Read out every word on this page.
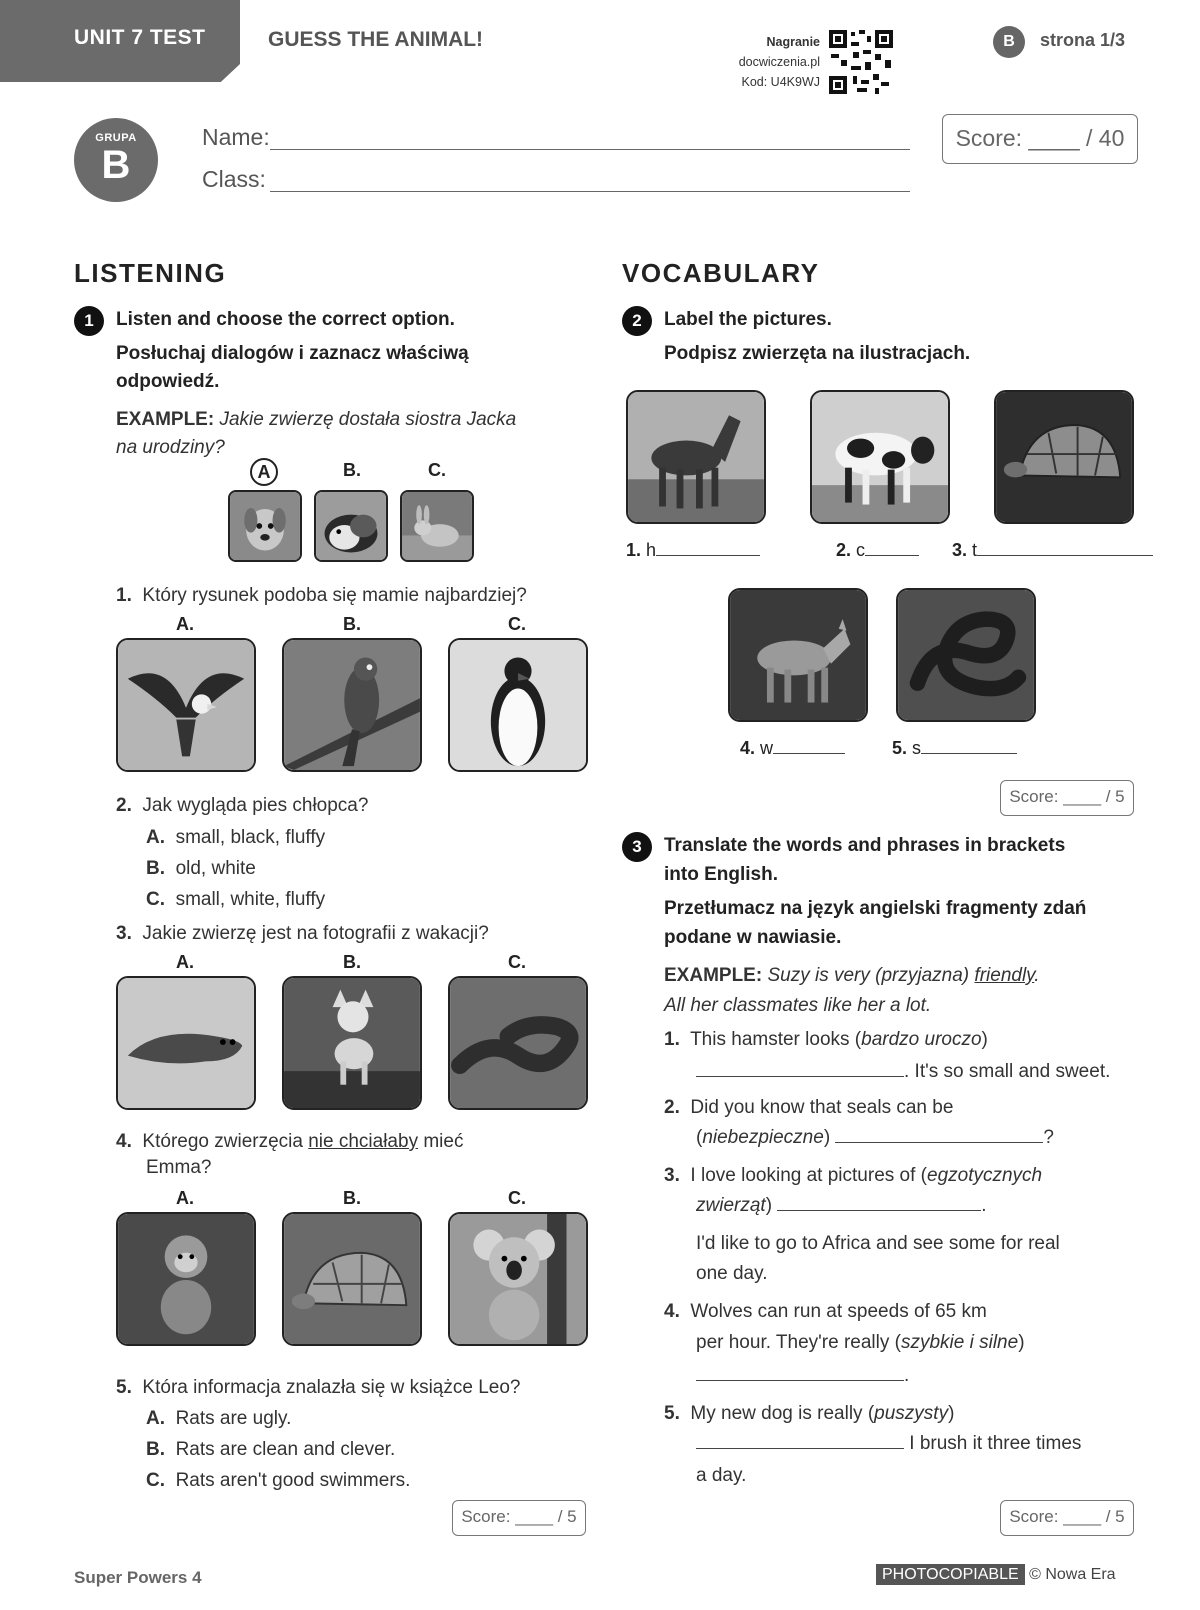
UNIT 7 TEST	GUESS THE ANIMAL!	Nagranie
docwiczenia.pl
Kod: U4K9WJ
B	strona 1/3
GRUPA
B
Name:
Class:
Score: ____ / 40
LISTENING
1	Listen and choose the correct option.
Posłuchaj dialogów i zaznacz właściwą
odpowiedź.
EXAMPLE: Jakie zwierzę dostała siostra Jacka
na urodziny?
A	B.	C.
1. Który rysunek podoba się mamie najbardziej?
A.	B.	C.
2. Jak wygląda pies chłopca?
A. small, black, fluffy
B. old, white
C. small, white, fluffy
3. Jakie zwierzę jest na fotografii z wakacji?
A.	B.	C.
4. Którego zwierzęcia nie chciałaby mieć
Emma?
A.	B.	C.
5. Która informacja znalazła się w książce Leo?
A. Rats are ugly.
B. Rats are clean and clever.
C. Rats aren't good swimmers.
Score: ____ / 5
VOCABULARY
2	Label the pictures.
Podpisz zwierzęta na ilustracjach.
1. h	2. c	3. t
4. w	5. s
Score: ____ / 5
3	Translate the words and phrases in brackets
into English.
Przetłumacz na język angielski fragmenty zdań
podane w nawiasie.
EXAMPLE: Suzy is very (przyjazna) friendly.
All her classmates like her a lot.
1. This hamster looks (bardzo uroczo)
. It's so small and sweet.
2. Did you know that seals can be
(niebezpieczne)	?
3. I love looking at pictures of (egzotycznych
zwierząt)	.
I'd like to go to Africa and see some for real
one day.
4. Wolves can run at speeds of 65 km
per hour. They're really (szybkie i silne)
.
5. My new dog is really (puszysty)
I brush it three times
a day.
Score: ____ / 5
Super Powers 4	PHOTOCOPIABLE © Nowa Era
